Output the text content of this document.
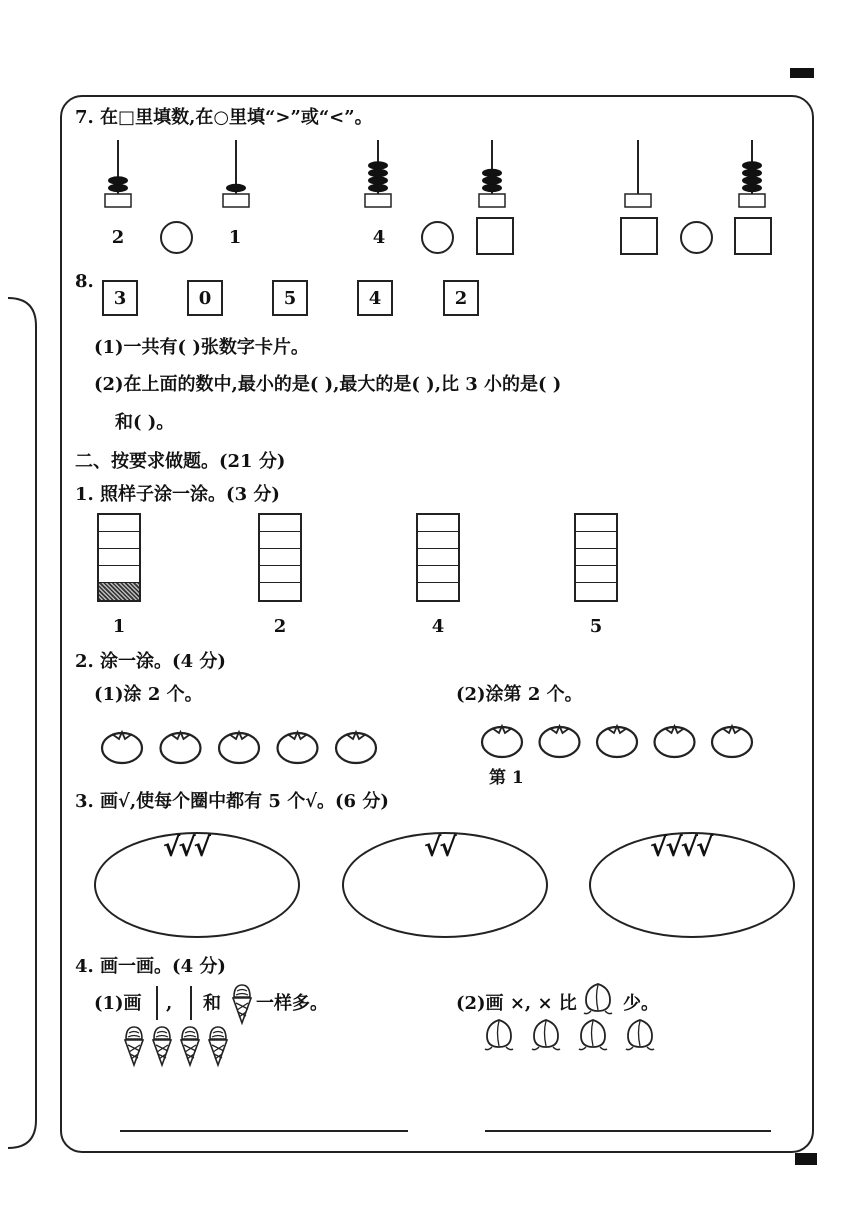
7. 在□里填数,在○里填“>”或“<”。
2	1	4
8.
3	0	5	4	2
(1)一共有( )张数字卡片。
(2)在上面的数中,最小的是( ),最大的是( ),比 3 小的是( )
和( )。
二、按要求做题。(21 分)
1. 照样子涂一涂。(3 分)
1	2	4	5
2. 涂一涂。(4 分)
(1)涂 2 个。	(2)涂第 2 个。
第 1
3. 画√,使每个圈中都有 5 个√。(6 分)
√√√	√√	√√√√
4. 画一画。(4 分)
(1)画 , 和 一样多。	(2)画 ×, × 比	少。
